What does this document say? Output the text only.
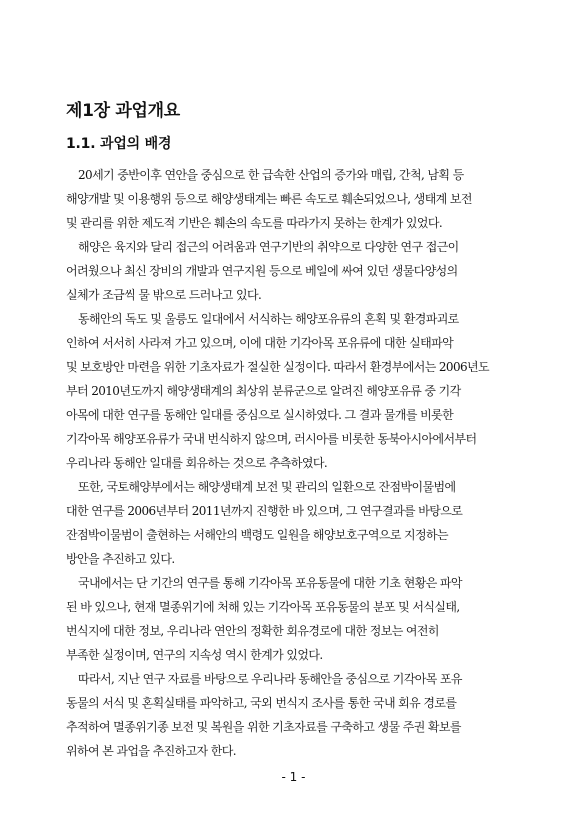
제1장 과업개요
1.1. 과업의 배경
20세기 중반이후 연안을 중심으로 한 급속한 산업의 증가와 매립, 간척, 남획 등
해양개발 및 이용행위 등으로 해양생태계는 빠른 속도로 훼손되었으나, 생태계 보전
및 관리를 위한 제도적 기반은 훼손의 속도를 따라가지 못하는 한계가 있었다.
해양은 육지와 달리 접근의 어려움과 연구기반의 취약으로 다양한 연구 접근이
어려웠으나 최신 장비의 개발과 연구지원 등으로 베일에 싸여 있던 생물다양성의
실체가 조금씩 물 밖으로 드러나고 있다.
동해안의 독도 및 울릉도 일대에서 서식하는 해양포유류의 혼획 및 환경파괴로
인하여 서서히 사라져 가고 있으며, 이에 대한 기각아목 포유류에 대한 실태파악
및 보호방안 마련을 위한 기초자료가 절실한 실정이다. 따라서 환경부에서는 2006년도
부터 2010년도까지 해양생태계의 최상위 분류군으로 알려진 해양포유류 중 기각
아목에 대한 연구를 동해안 일대를 중심으로 실시하였다. 그 결과 물개를 비롯한
기각아목 해양포유류가 국내 번식하지 않으며, 러시아를 비롯한 동북아시아에서부터
우리나라 동해안 일대를 회유하는 것으로 추측하였다.
또한, 국토해양부에서는 해양생태계 보전 및 관리의 일환으로 잔점박이물범에
대한 연구를 2006년부터 2011년까지 진행한 바 있으며, 그 연구결과를 바탕으로
잔점박이물범이 출현하는 서해안의 백령도 일원을 해양보호구역으로 지정하는
방안을 추진하고 있다.
국내에서는 단 기간의 연구를 통해 기각아목 포유동물에 대한 기초 현황은 파악
된 바 있으나, 현재 멸종위기에 처해 있는 기각아목 포유동물의 분포 및 서식실태,
번식지에 대한 정보, 우리나라 연안의 정확한 회유경로에 대한 정보는 여전히
부족한 실정이며, 연구의 지속성 역시 한계가 있었다.
따라서, 지난 연구 자료를 바탕으로 우리나라 동해안을 중심으로 기각아목 포유
동물의 서식 및 혼획실태를 파악하고, 국외 번식지 조사를 통한 국내 회유 경로를
추적하여 멸종위기종 보전 및 복원을 위한 기초자료를 구축하고 생물 주권 확보를
위하여 본 과업을 추진하고자 한다.
- 1 -
